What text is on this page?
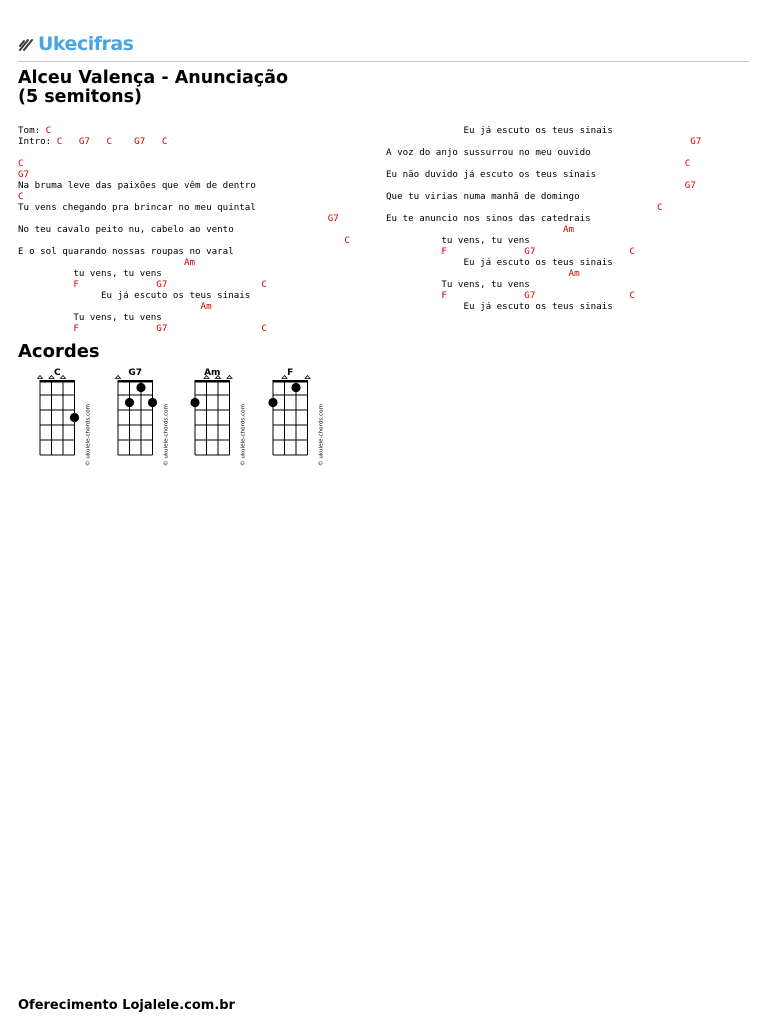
Ukecifras
Alceu Valença - Anunciação
(5 semitons)
Tom: C
Intro: C   G7   C    G7   C

C
G7
Na bruma leve das paixões que vêm de dentro
C
Tu vens chegando pra brincar no meu quintal
G7
No teu cavalo peito nu, cabelo ao vento
C
E o sol quarando nossas roupas no varal
Am
tu vens, tu vens
F              G7                 C
Eu já escuto os teus sinais
Am
Tu vens, tu vens
F              G7                 C
Eu já escuto os teus sinais
G7
A voz do anjo sussurrou no meu ouvido
C
Eu não duvido já escuto os teus sinais
G7
Que tu virias numa manhã de domingo
C
Eu te anuncio nos sinos das catedrais
Am
tu vens, tu vens
F              G7                 C
Eu já escuto os teus sinais
Am
Tu vens, tu vens
F              G7                 C
Eu já escuto os teus sinais
Acordes
C
© ukulele-chords.com
G7
© ukulele-chords.com
Am
© ukulele-chords.com
F
© ukulele-chords.com
Oferecimento Lojalele.com.br
